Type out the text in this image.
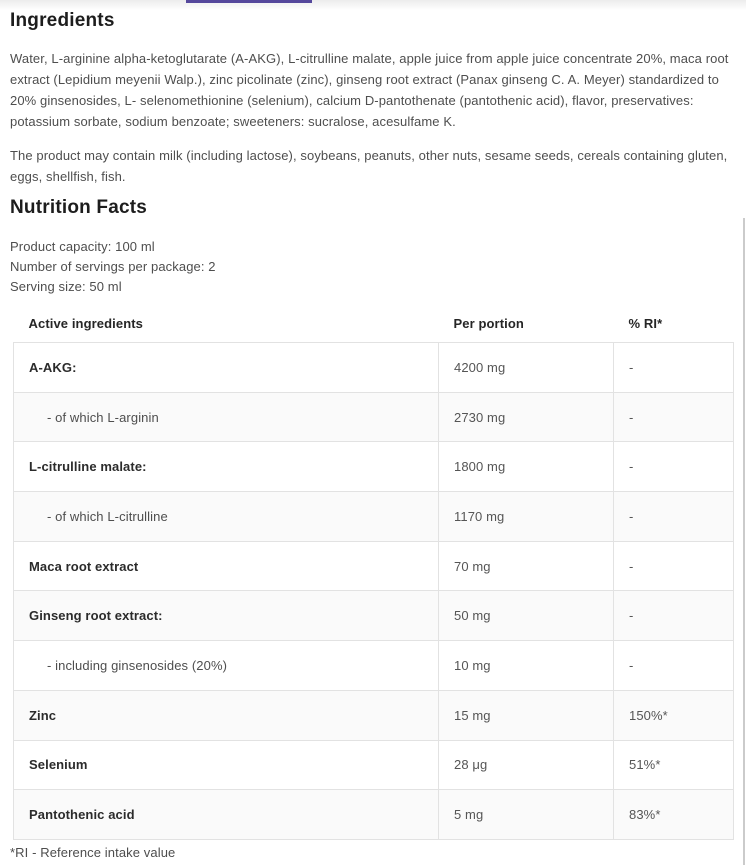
Ingredients

Water, L-arginine alpha-ketoglutarate (A-AKG), L-citrulline malate, apple juice from apple juice concentrate 20%, maca root extract (Lepidium meyenii Walp.), zinc picolinate (zinc), ginseng root extract (Panax ginseng C. A. Meyer) standardized to 20% ginsenosides, L- selenomethionine (selenium), calcium D-pantothenate (pantothenic acid), flavor, preservatives: potassium sorbate, sodium benzoate; sweeteners: sucralose, acesulfame K.

The product may contain milk (including lactose), soybeans, peanuts, other nuts, sesame seeds, cereals containing gluten, eggs, shellfish, fish.

Nutrition Facts
Product capacity: 100 ml
Number of servings per package: 2
Serving size: 50 ml
Active ingredients	Per portion	% RI*
A-AKG:	4200 mg	-
- of which L-arginin	2730 mg	-
L-citrulline malate:	1800 mg	-
- of which L-citrulline	1170 mg	-
Maca root extract	70 mg	-
Ginseng root extract:	50 mg	-
- including ginsenosides (20%)	10 mg	-
Zinc	15 mg	150%*
Selenium	28 μg	51%*
Pantothenic acid	5 mg	83%*

*RI - Reference intake value
